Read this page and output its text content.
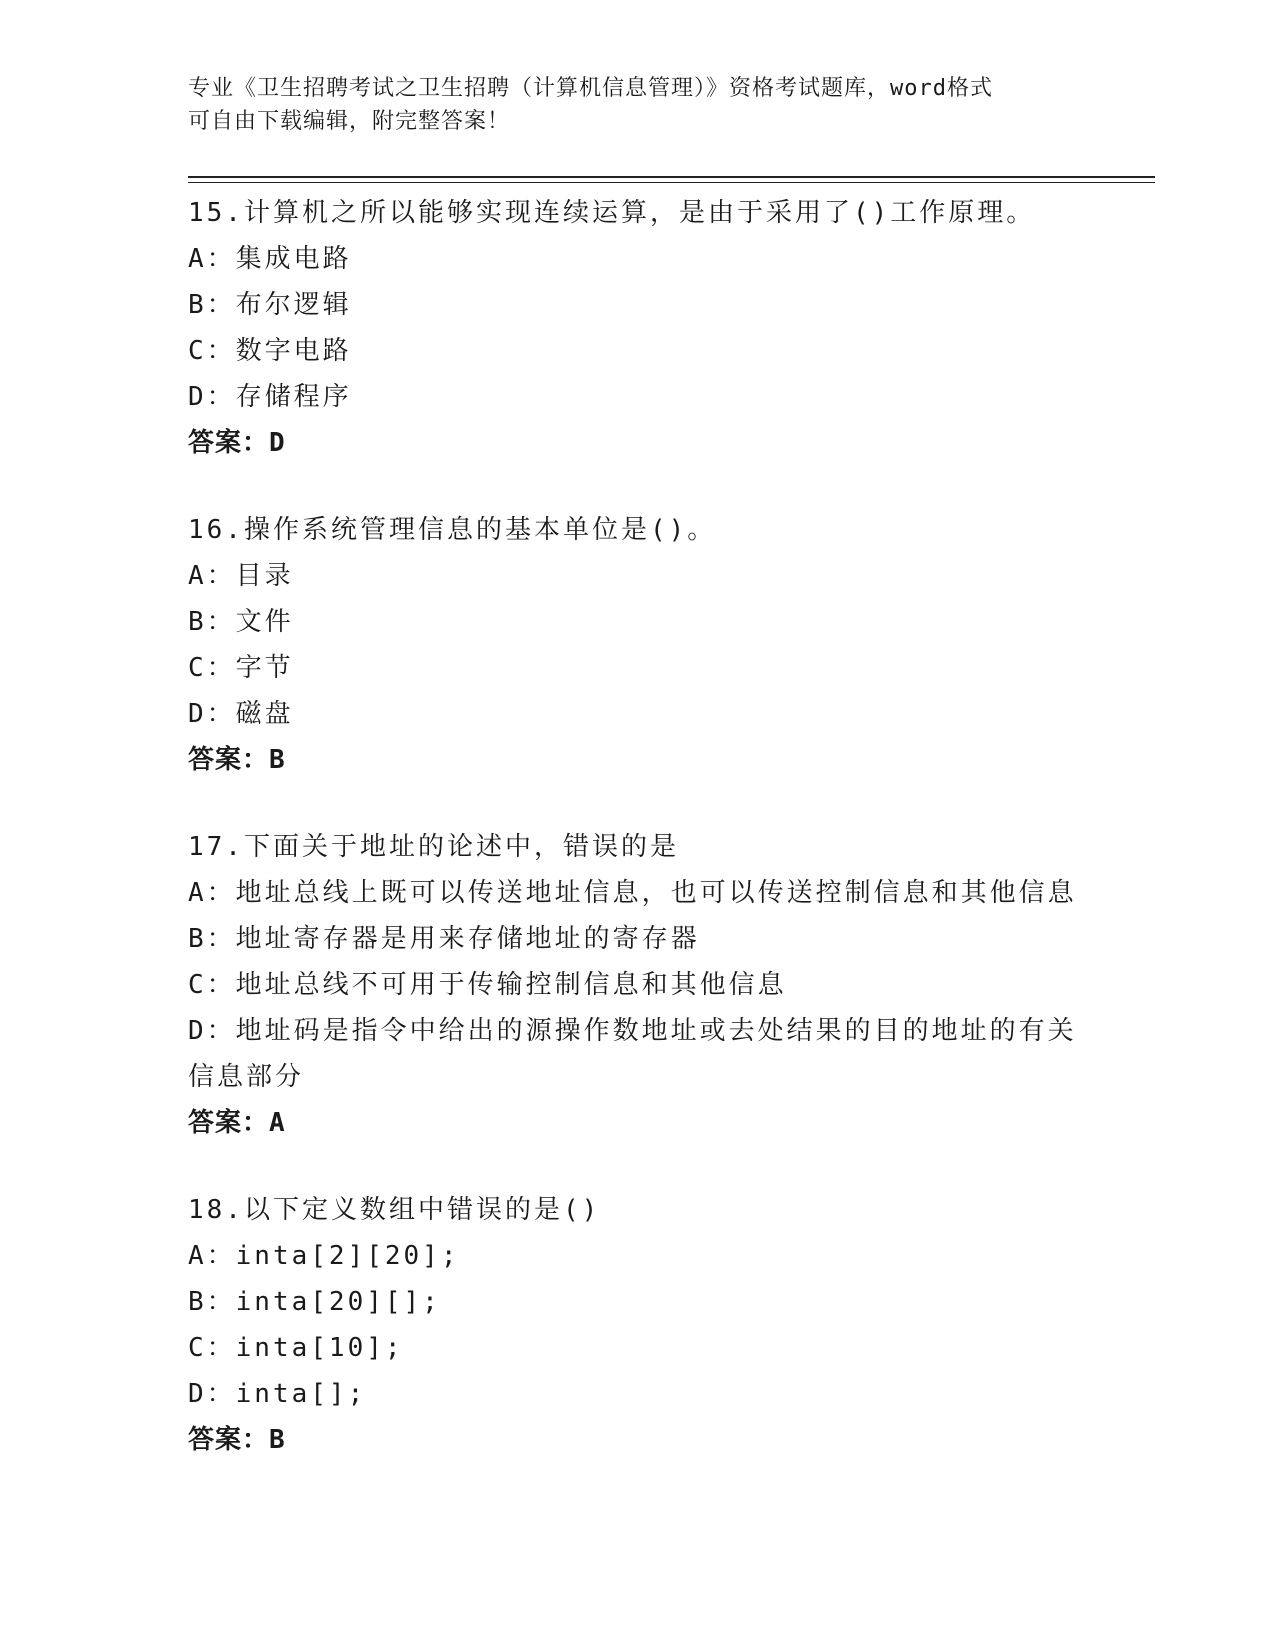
专业《卫生招聘考试之卫生招聘（计算机信息管理）》资格考试题库，word格式
可自由下载编辑，附完整答案！
15.计算机之所以能够实现连续运算，是由于采用了()工作原理。
A：集成电路
B：布尔逻辑
C：数字电路
D：存储程序
答案：D
16.操作系统管理信息的基本单位是()。
A：目录
B：文件
C：字节
D：磁盘
答案：B
17.下面关于地址的论述中，错误的是
A：地址总线上既可以传送地址信息，也可以传送控制信息和其他信息
B：地址寄存器是用来存储地址的寄存器
C：地址总线不可用于传输控制信息和其他信息
D：地址码是指令中给出的源操作数地址或去处结果的目的地址的有关信息部分
答案：A
18.以下定义数组中错误的是()
A：inta[2][20];
B：inta[20][];
C：inta[10];
D：inta[];
答案：B
